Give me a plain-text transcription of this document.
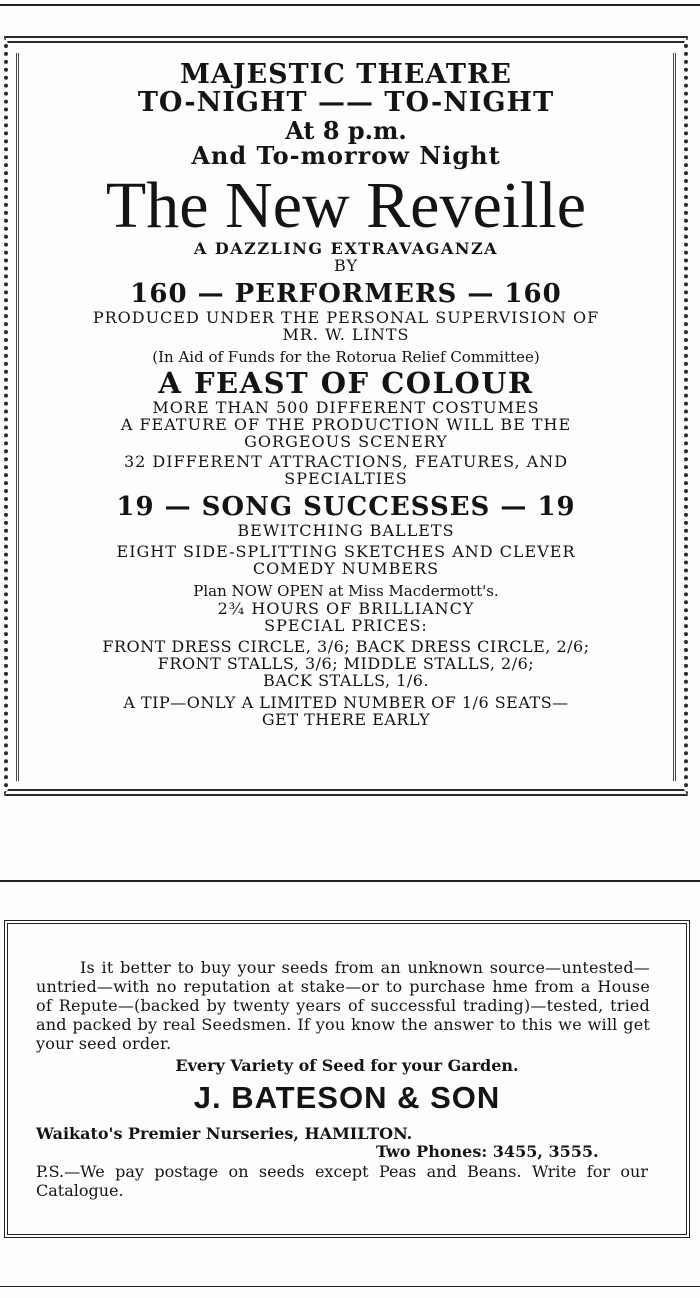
MAJESTIC THEATRE
TO-NIGHT —— TO-NIGHT
At 8 p.m.
And To-morrow Night
The New Reveille
A DAZZLING EXTRAVAGANZA
BY
160 — PERFORMERS — 160
PRODUCED UNDER THE PERSONAL SUPERVISION OF
MR. W. LINTS
(In Aid of Funds for the Rotorua Relief Committee)
A FEAST OF COLOUR
MORE THAN 500 DIFFERENT COSTUMES
A FEATURE OF THE PRODUCTION WILL BE THE
GORGEOUS SCENERY
32 DIFFERENT ATTRACTIONS, FEATURES, AND
SPECIALTIES
19 — SONG SUCCESSES — 19
BEWITCHING BALLETS
EIGHT SIDE-SPLITTING SKETCHES AND CLEVER
COMEDY NUMBERS
Plan NOW OPEN at Miss Macdermott's.
2¾ HOURS OF BRILLIANCY
SPECIAL PRICES:
FRONT DRESS CIRCLE, 3/6; BACK DRESS CIRCLE, 2/6;
FRONT STALLS, 3/6; MIDDLE STALLS, 2/6;
BACK STALLS, 1/6.
A TIP—ONLY A LIMITED NUMBER OF 1/6 SEATS—
GET THERE EARLY

Is it better to buy your seeds from an unknown source—untested—untried—with no reputation at stake—or to purchase hme from a House of Repute—(backed by twenty years of successful trading)—tested, tried and packed by real Seedsmen. If you know the answer to this we will get your seed order.

Every Variety of Seed for your Garden.

J. BATESON & SON

Waikato's Premier Nurseries, HAMILTON.

Two Phones: 3455, 3555.

P.S.—We pay postage on seeds except Peas and Beans. Write for our Catalogue.
